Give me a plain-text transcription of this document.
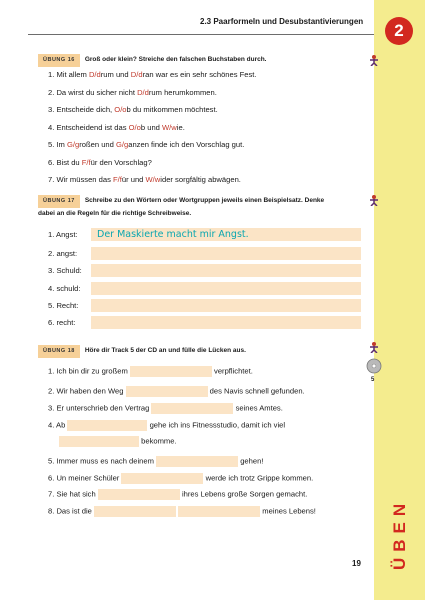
2.3 Paarformeln und Desubstantivierungen	2
ÜBEN
19
5
ÜBUNG 16 Groß oder klein? Streiche den falschen Buchstaben durch.
1. Mit allem D/drum und D/dran war es ein sehr schönes Fest.
2. Da wirst du sicher nicht D/drum herumkommen.
3. Entscheide dich, O/ob du mitkommen möchtest.
4. Entscheidend ist das O/ob und W/wie.
5. Im G/großen und G/ganzen finde ich den Vorschlag gut.
6. Bist du F/für den Vorschlag?
7. Wir müssen das F/für und W/wider sorgfältig abwägen.
ÜBUNG 17 Schreibe zu den Wörtern oder Wortgruppen jeweils einen Beispielsatz. Denke
dabei an die Regeln für die richtige Schreibweise.
1. Angst: Der Maskierte macht mir Angst.
2. angst:
3. Schuld:
4. schuld:
5. Recht:
6. recht:
ÜBUNG 18 Höre dir Track 5 der CD an und fülle die Lücken aus.
1. Ich bin dir zu großem	verpflichtet.
2. Wir haben den Weg	des Navis schnell gefunden.
3. Er unterschrieb den Vertrag	seines Amtes.
4. Ab	gehe ich ins Fitnessstudio, damit ich viel
bekomme.
5. Immer muss es nach deinem	gehen!
6. Un meiner Schüler	werde ich trotz Grippe kommen.
7. Sie hat sich	ihres Lebens große Sorgen gemacht.
8. Das ist die	meines Lebens!
